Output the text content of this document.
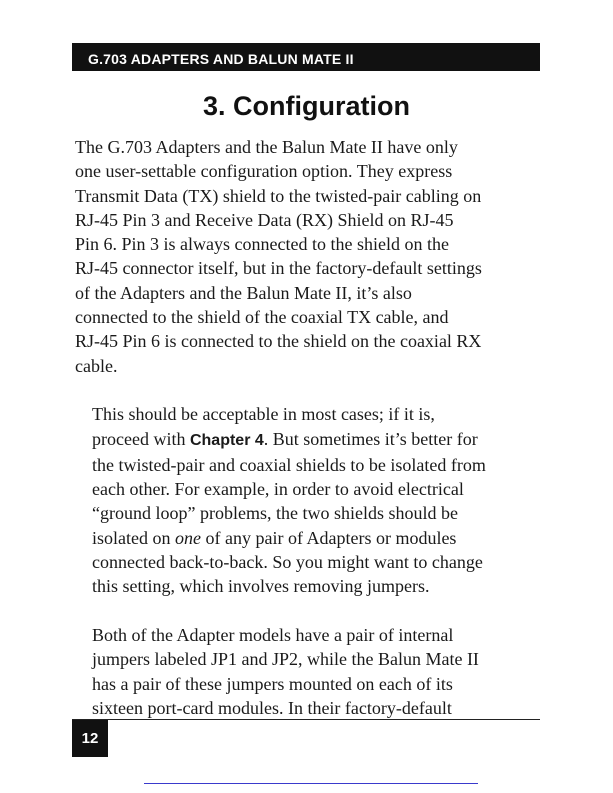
G.703 ADAPTERS AND BALUN MATE II
3. Configuration

The G.703 Adapters and the Balun Mate II have only
one user-settable configuration option. They express
Transmit Data (TX) shield to the twisted-pair cabling on
RJ-45 Pin 3 and Receive Data (RX) Shield on RJ-45
Pin 6. Pin 3 is always connected to the shield on the
RJ-45 connector itself, but in the factory-default settings
of the Adapters and the Balun Mate II, it’s also
connected to the shield of the coaxial TX cable, and
RJ-45 Pin 6 is connected to the shield on the coaxial RX
cable.

This should be acceptable in most cases; if it is,
proceed with Chapter 4. But sometimes it’s better for
the twisted-pair and coaxial shields to be isolated from
each other. For example, in order to avoid electrical
“ground loop” problems, the two shields should be
isolated on one of any pair of Adapters or modules
connected back-to-back. So you might want to change
this setting, which involves removing jumpers.

Both of the Adapter models have a pair of internal
jumpers labeled JP1 and JP2, while the Balun Mate II
has a pair of these jumpers mounted on each of its
sixteen port-card modules. In their factory-default

12
